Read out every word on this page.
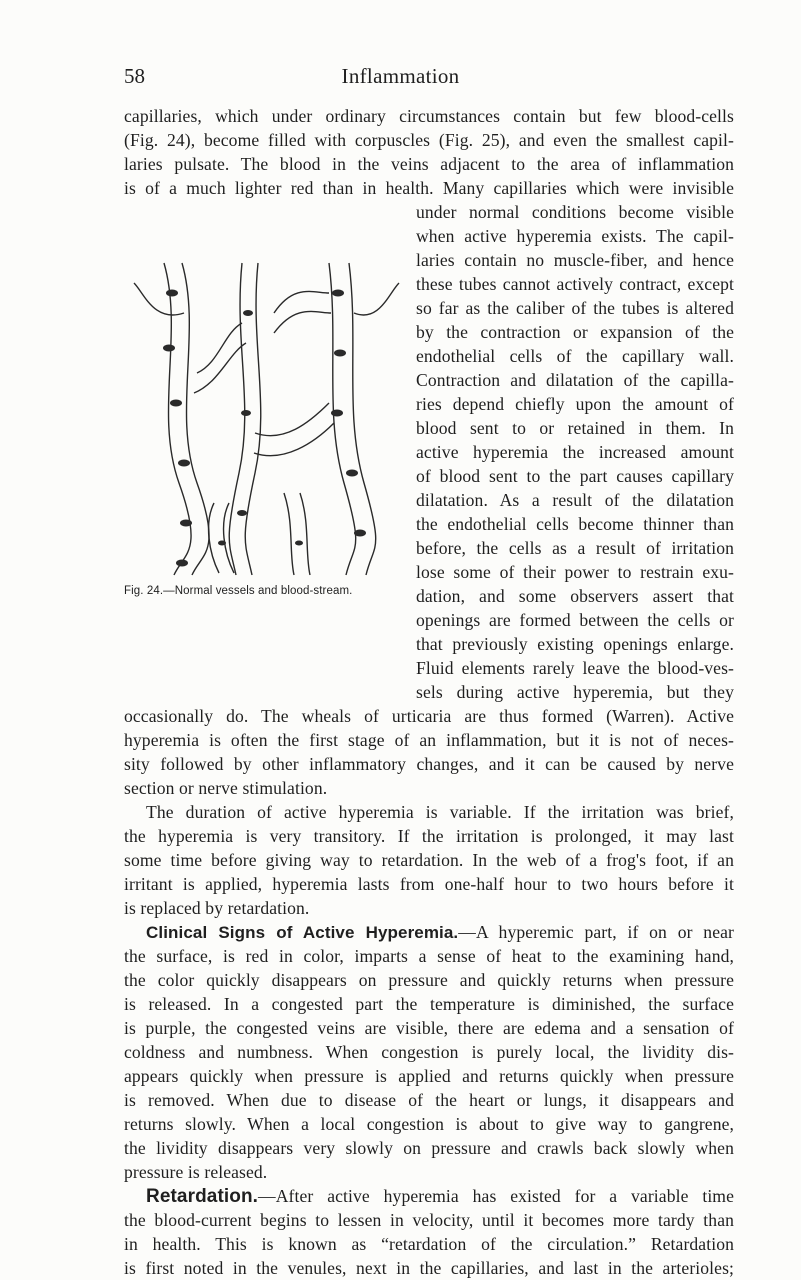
58	Inflammation
capillaries, which under ordinary circumstances contain but few blood-cells
(Fig. 24), become filled with corpuscles (Fig. 25), and even the smallest capil-
laries pulsate. The blood in the veins adjacent to the area of inflammation
is of a much lighter red than in health. Many capillaries which were invisible
under normal conditions become visible
when active hyperemia exists. The capil-
laries contain no muscle-fiber, and hence
these tubes cannot actively contract, except
so far as the caliber of the tubes is altered
by the contraction or expansion of the
endothelial cells of the capillary wall.
Contraction and dilatation of the capilla-
ries depend chiefly upon the amount of
blood sent to or retained in them. In
active hyperemia the increased amount
of blood sent to the part causes capillary
dilatation. As a result of the dilatation
the endothelial cells become thinner than
before, the cells as a result of irritation
lose some of their power to restrain exu-
dation, and some observers assert that
openings are formed between the cells or
that previously existing openings enlarge.
Fluid elements rarely leave the blood-ves-
sels during active hyperemia, but they
occasionally do. The wheals of urticaria are thus formed (Warren). Active
hyperemia is often the first stage of an inflammation, but it is not of neces-
sity followed by other inflammatory changes, and it can be caused by nerve
section or nerve stimulation.
The duration of active hyperemia is variable. If the irritation was brief,
the hyperemia is very transitory. If the irritation is prolonged, it may last
some time before giving way to retardation. In the web of a frog's foot, if an
irritant is applied, hyperemia lasts from one-half hour to two hours before it
is replaced by retardation.
Clinical Signs of Active Hyperemia.—A hyperemic part, if on or near
the surface, is red in color, imparts a sense of heat to the examining hand,
the color quickly disappears on pressure and quickly returns when pressure
is released. In a congested part the temperature is diminished, the surface
is purple, the congested veins are visible, there are edema and a sensation of
coldness and numbness. When congestion is purely local, the lividity dis-
appears quickly when pressure is applied and returns quickly when pressure
is removed. When due to disease of the heart or lungs, it disappears and
returns slowly. When a local congestion is about to give way to gangrene,
the lividity disappears very slowly on pressure and crawls back slowly when
pressure is released.
Retardation.—After active hyperemia has existed for a variable time
the blood-current begins to lessen in velocity, until it becomes more tardy than
in health. This is known as “retardation of the circulation.” Retardation
is first noted in the venules, next in the capillaries, and last in the arterioles;
Fig. 24.—Normal vessels and blood-stream.
